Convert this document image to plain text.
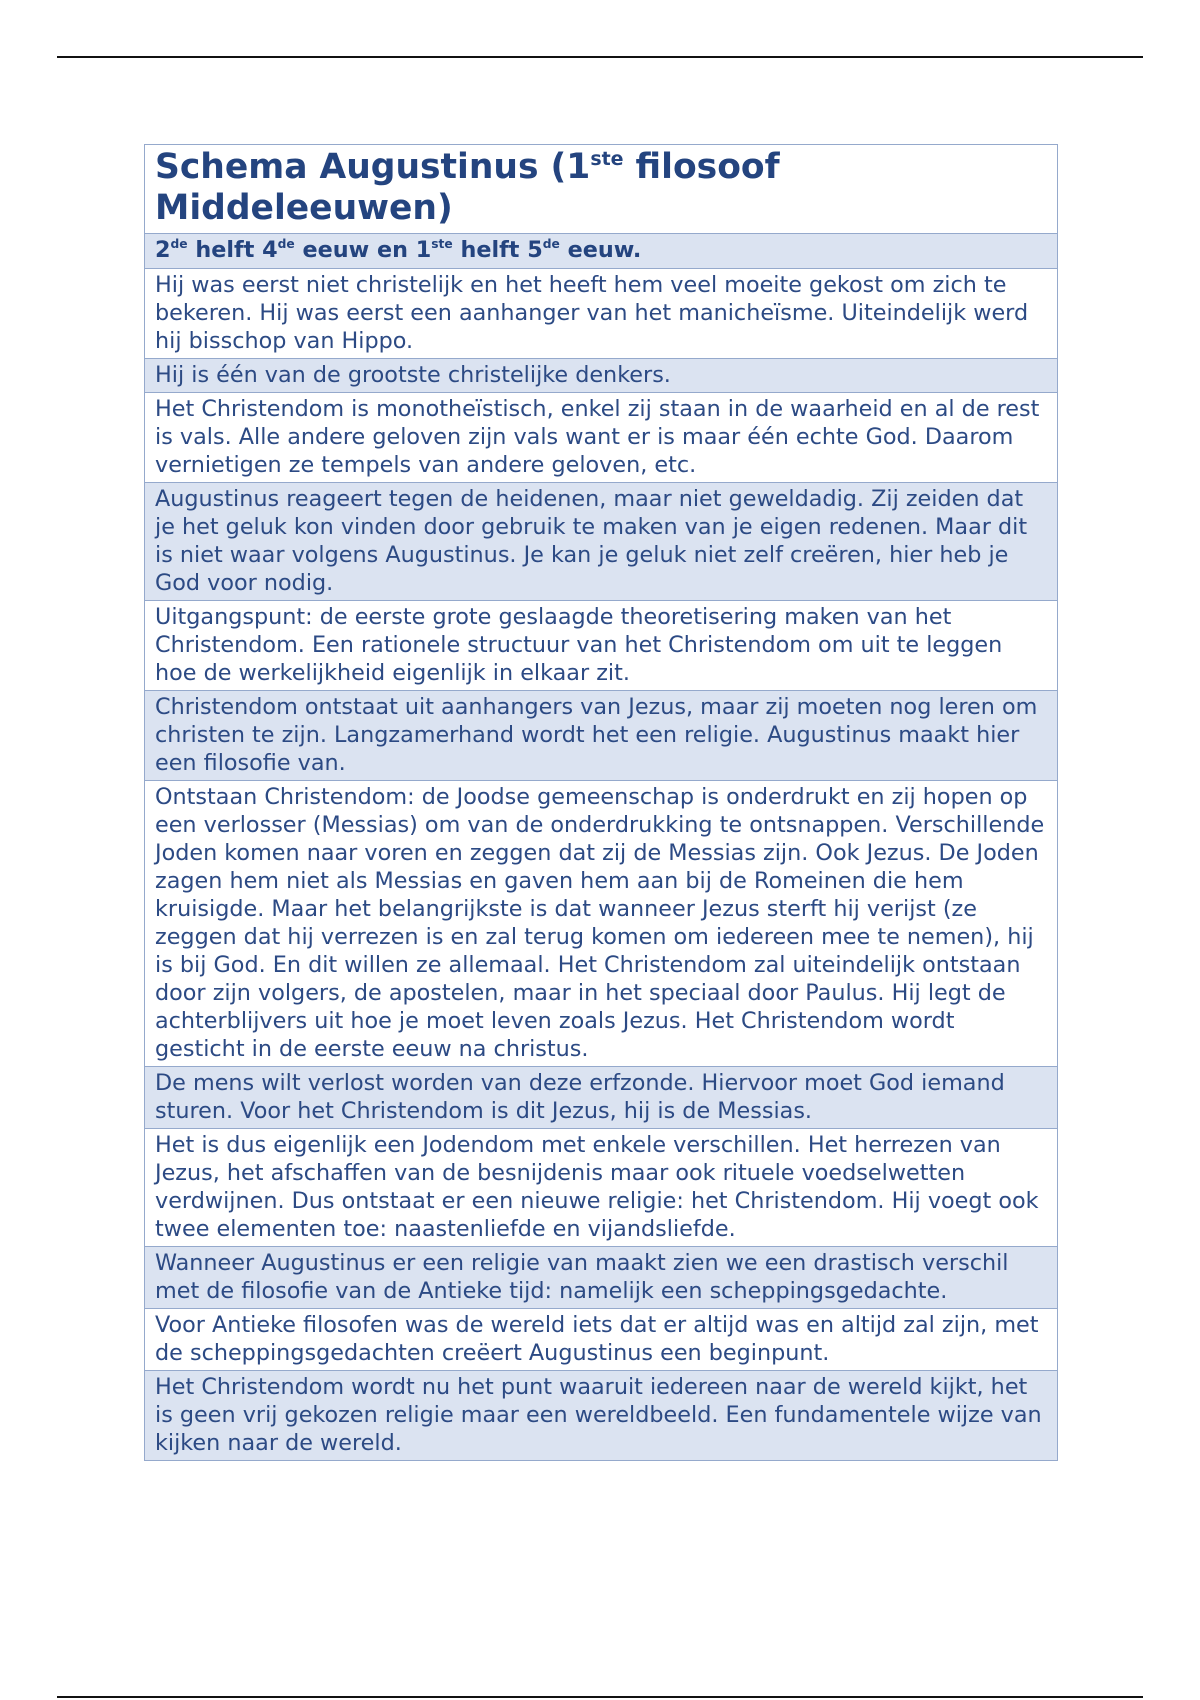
Schema Augustinus (1ste filosoof Middeleeuwen)
2de helft 4de eeuw en 1ste helft 5de eeuw.
Hij was eerst niet christelijk en het heeft hem veel moeite gekost om zich te bekeren. Hij was eerst een aanhanger van het manicheïsme. Uiteindelijk werd hij bisschop van Hippo.
Hij is één van de grootste christelijke denkers.
Het Christendom is monotheïstisch, enkel zij staan in de waarheid en al de rest is vals. Alle andere geloven zijn vals want er is maar één echte God. Daarom vernietigen ze tempels van andere geloven, etc.
Augustinus reageert tegen de heidenen, maar niet geweldadig. Zij zeiden dat je het geluk kon vinden door gebruik te maken van je eigen redenen. Maar dit is niet waar volgens Augustinus. Je kan je geluk niet zelf creëren, hier heb je God voor nodig.
Uitgangspunt: de eerste grote geslaagde theoretisering maken van het Christendom. Een rationele structuur van het Christendom om uit te leggen hoe de werkelijkheid eigenlijk in elkaar zit.
Christendom ontstaat uit aanhangers van Jezus, maar zij moeten nog leren om christen te zijn. Langzamerhand wordt het een religie. Augustinus maakt hier een filosofie van.
Ontstaan Christendom: de Joodse gemeenschap is onderdrukt en zij hopen op een verlosser (Messias) om van de onderdrukking te ontsnappen. Verschillende Joden komen naar voren en zeggen dat zij de Messias zijn. Ook Jezus. De Joden zagen hem niet als Messias en gaven hem aan bij de Romeinen die hem kruisigde. Maar het belangrijkste is dat wanneer Jezus sterft hij verijst (ze zeggen dat hij verrezen is en zal terug komen om iedereen mee te nemen), hij is bij God. En dit willen ze allemaal. Het Christendom zal uiteindelijk ontstaan door zijn volgers, de apostelen, maar in het speciaal door Paulus. Hij legt de achterblijvers uit hoe je moet leven zoals Jezus. Het Christendom wordt gesticht in de eerste eeuw na christus.
De mens wilt verlost worden van deze erfzonde. Hiervoor moet God iemand sturen. Voor het Christendom is dit Jezus, hij is de Messias.
Het is dus eigenlijk een Jodendom met enkele verschillen. Het herrezen van Jezus, het afschaffen van de besnijdenis maar ook rituele voedselwetten verdwijnen. Dus ontstaat er een nieuwe religie: het Christendom. Hij voegt ook twee elementen toe: naastenliefde en vijandsliefde.
Wanneer Augustinus er een religie van maakt zien we een drastisch verschil met de filosofie van de Antieke tijd: namelijk een scheppingsgedachte.
Voor Antieke filosofen was de wereld iets dat er altijd was en altijd zal zijn, met de scheppingsgedachten creëert Augustinus een beginpunt.
Het Christendom wordt nu het punt waaruit iedereen naar de wereld kijkt, het is geen vrij gekozen religie maar een wereldbeeld. Een fundamentele wijze van kijken naar de wereld.
